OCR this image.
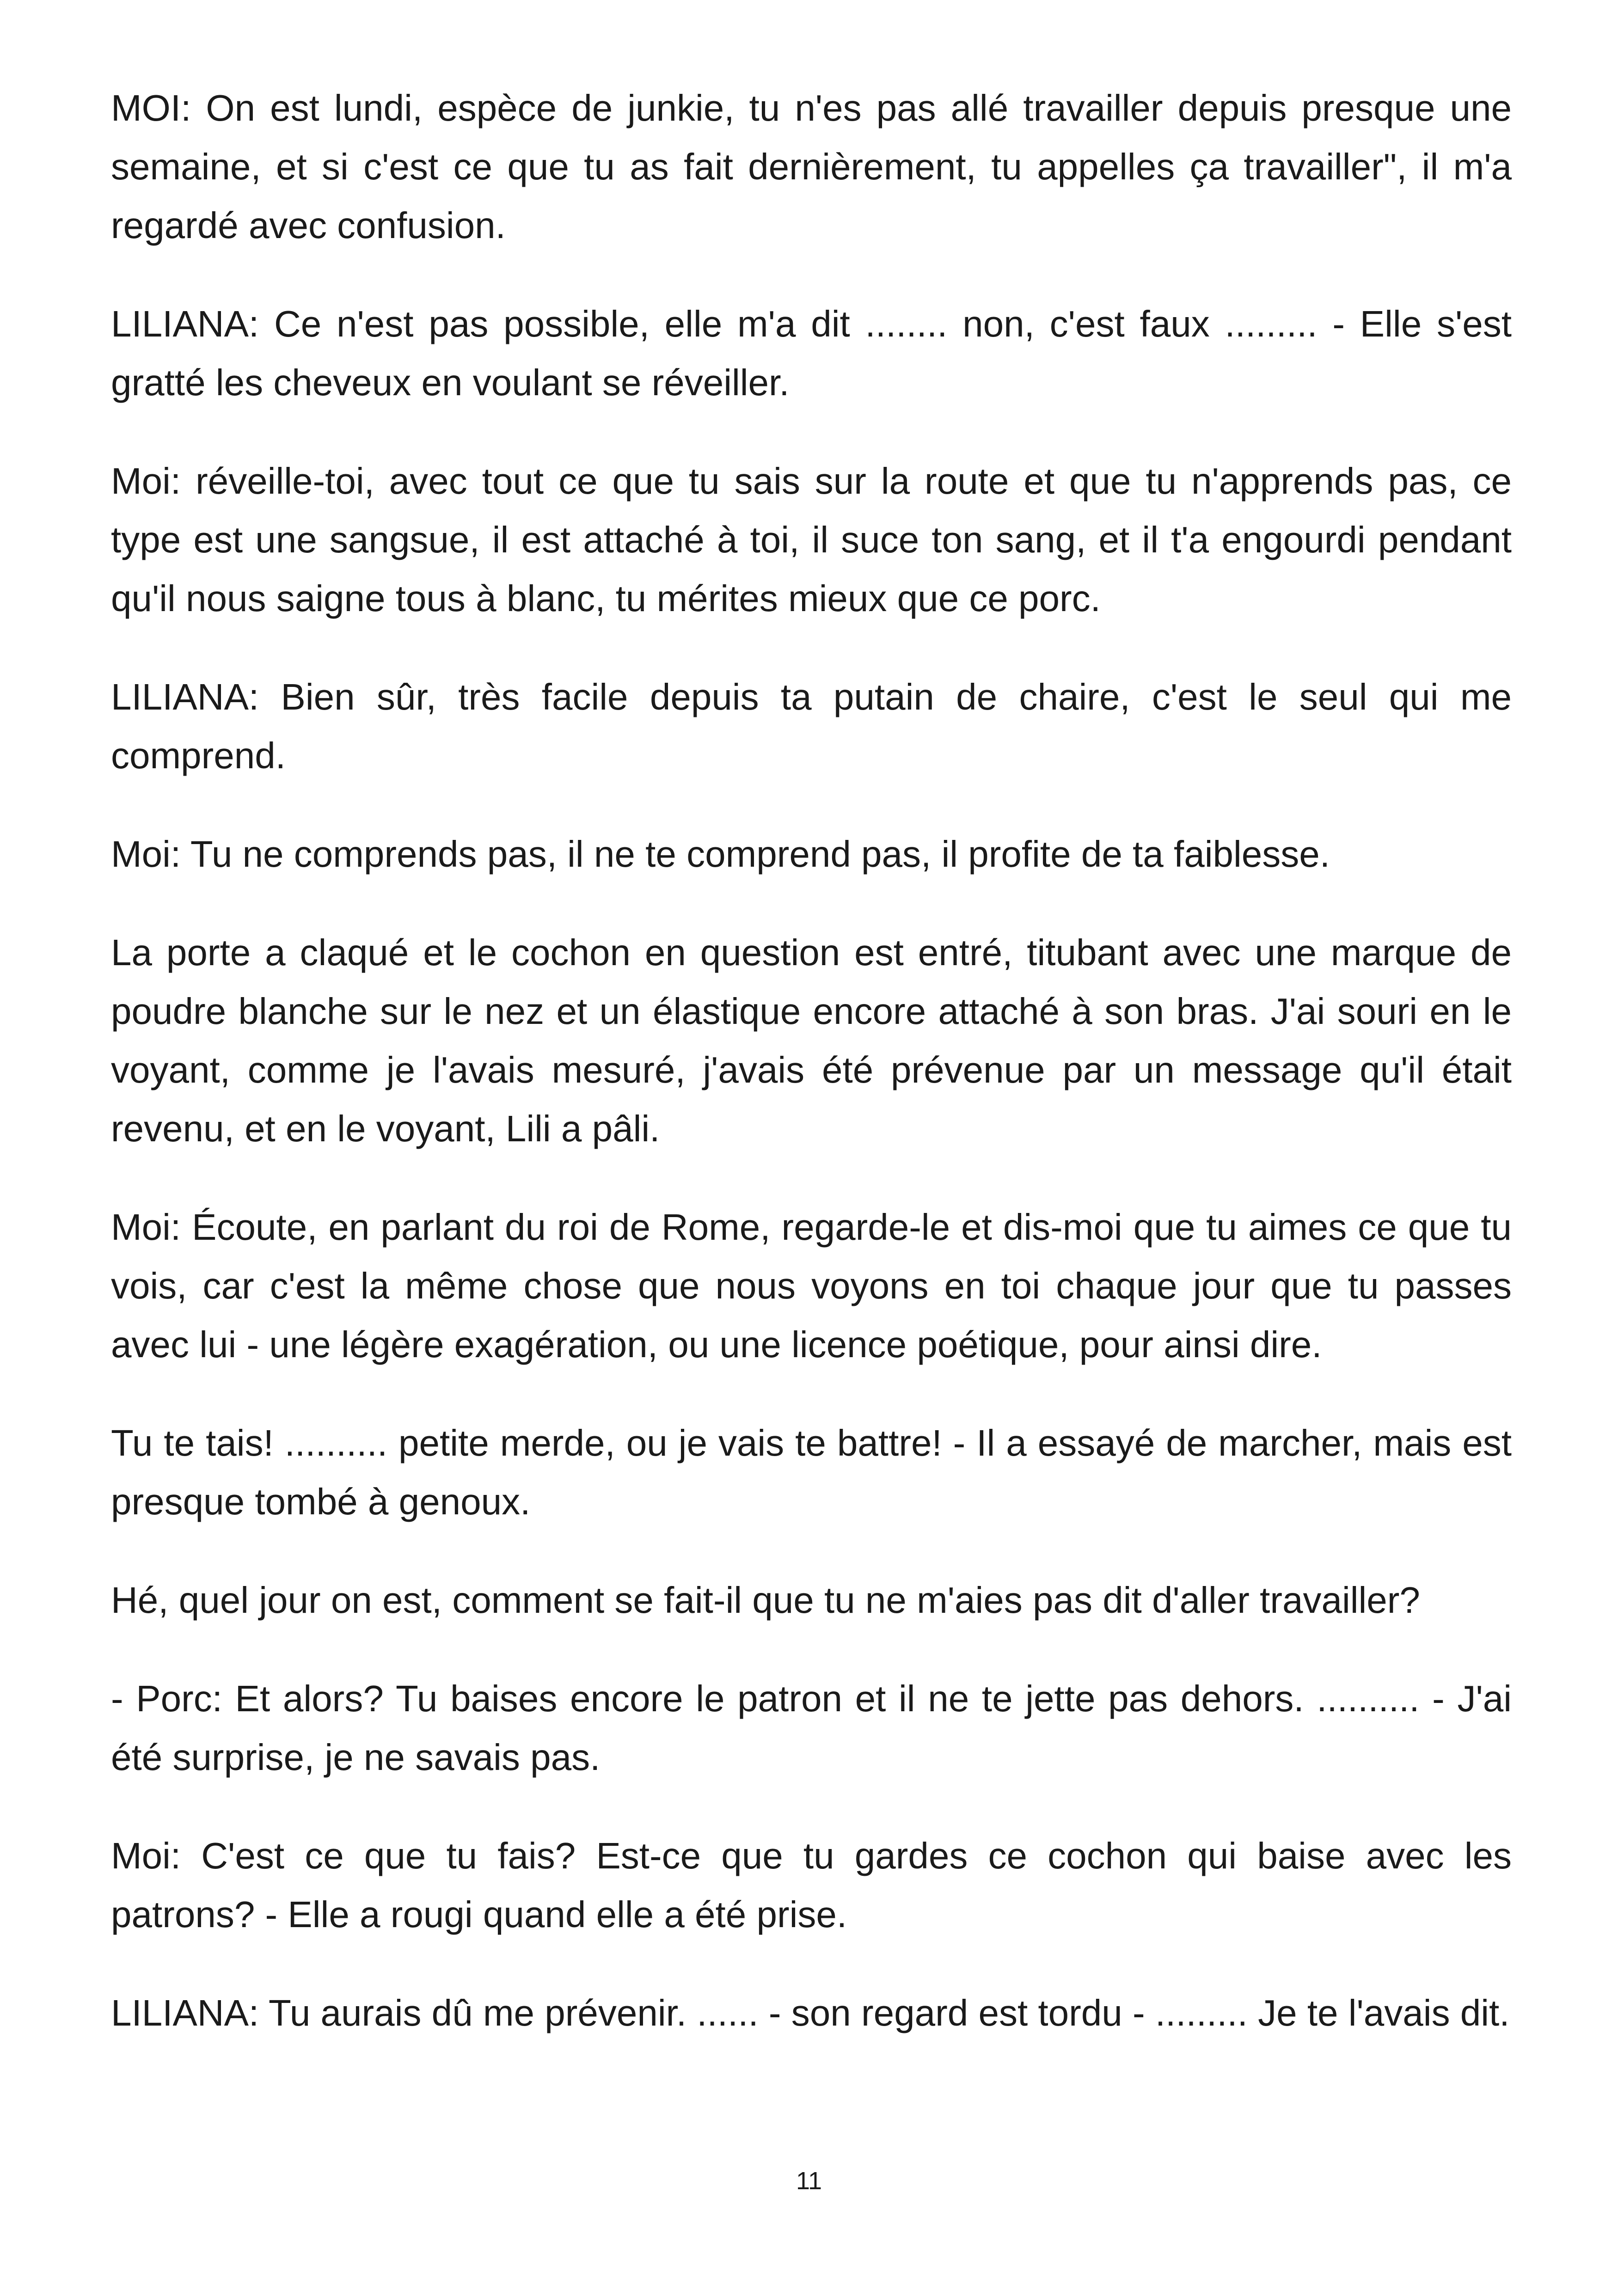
MOI: On est lundi, espèce de junkie, tu n'es pas allé travailler depuis presque une semaine, et si c'est ce que tu as fait dernièrement, tu appelles ça travailler", il m'a regardé avec confusion.

LILIANA: Ce n'est pas possible, elle m'a dit ........ non, c'est faux ......... - Elle s'est gratté les cheveux en voulant se réveiller.

Moi: réveille-toi, avec tout ce que tu sais sur la route et que tu n'apprends pas, ce type est une sangsue, il est attaché à toi, il suce ton sang, et il t'a engourdi pendant qu'il nous saigne tous à blanc, tu mérites mieux que ce porc.

LILIANA: Bien sûr, très facile depuis ta putain de chaire, c'est le seul qui me comprend.

Moi: Tu ne comprends pas, il ne te comprend pas, il profite de ta faiblesse.

La porte a claqué et le cochon en question est entré, titubant avec une marque de poudre blanche sur le nez et un élastique encore attaché à son bras. J'ai souri en le voyant, comme je l'avais mesuré, j'avais été prévenue par un message qu'il était revenu, et en le voyant, Lili a pâli.

Moi: Écoute, en parlant du roi de Rome, regarde-le et dis-moi que tu aimes ce que tu vois, car c'est la même chose que nous voyons en toi chaque jour que tu passes avec lui - une légère exagération, ou une licence poétique, pour ainsi dire.

Tu te tais! .......... petite merde, ou je vais te battre! - Il a essayé de marcher, mais est presque tombé à genoux.

Hé, quel jour on est, comment se fait-il que tu ne m'aies pas dit d'aller travailler?

- Porc: Et alors? Tu baises encore le patron et il ne te jette pas dehors. .......... - J'ai été surprise, je ne savais pas.

Moi: C'est ce que tu fais? Est-ce que tu gardes ce cochon qui baise avec les patrons? - Elle a rougi quand elle a été prise.

LILIANA: Tu aurais dû me prévenir. ...... - son regard est tordu - ......... Je te l'avais dit.

11
